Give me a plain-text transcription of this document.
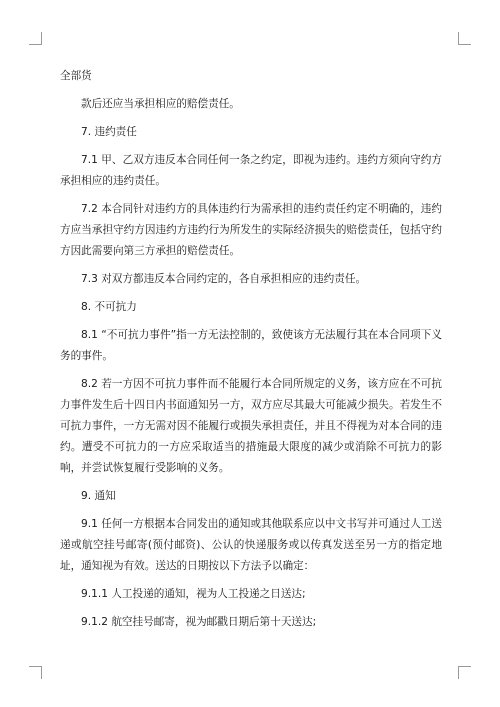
全部货

款后还应当承担相应的赔偿责任。

7. 违约责任

7.1 甲、乙双方违反本合同任何一条之约定，即视为违约。违约方须向守约方承担相应的违约责任。

7.2 本合同针对违约方的具体违约行为需承担的违约责任约定不明确的，违约方应当承担守约方因违约方违约行为所发生的实际经济损失的赔偿责任，包括守约方因此需要向第三方承担的赔偿责任。

7.3 对双方都违反本合同约定的，各自承担相应的违约责任。

8. 不可抗力

8.1 “不可抗力事件”指一方无法控制的，致使该方无法履行其在本合同项下义务的事件。

8.2 若一方因不可抗力事件而不能履行本合同所规定的义务，该方应在不可抗力事件发生后十四日内书面通知另一方，双方应尽其最大可能减少损失。若发生不可抗力事件，一方无需对因不能履行或损失承担责任，并且不得视为对本合同的违约。遭受不可抗力的一方应采取适当的措施最大限度的减少或消除不可抗力的影响，并尝试恢复履行受影响的义务。

9. 通知

9.1 任何一方根据本合同发出的通知或其他联系应以中文书写并可通过人工送递或航空挂号邮寄(预付邮资)、公认的快递服务或以传真发送至另一方的指定地址，通知视为有效。送达的日期按以下方法予以确定：

9.1.1 人工投递的通知，视为人工投递之日送达;

9.1.2 航空挂号邮寄，视为邮戳日期后第十天送达;
